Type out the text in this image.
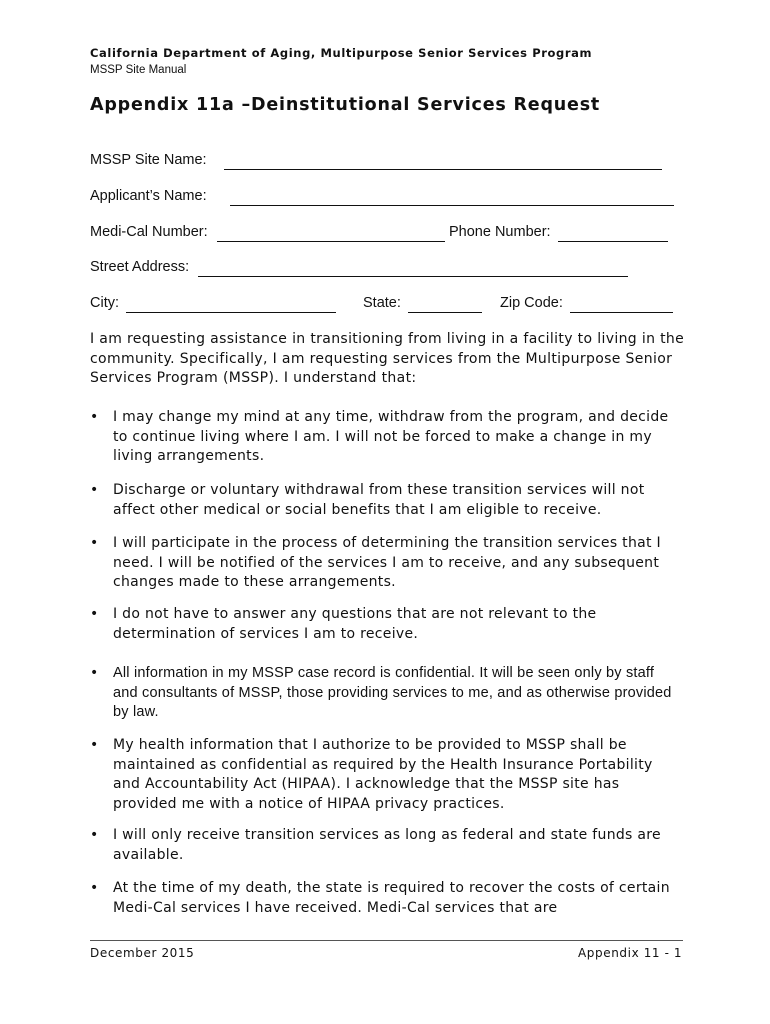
California Department of Aging, Multipurpose Senior Services Program
MSSP Site Manual
Appendix 11a –Deinstitutional Services Request
MSSP Site Name:
Applicant’s Name:
Medi-Cal Number:	Phone Number:
Street Address:
City:	State:	Zip Code:
I am requesting assistance in transitioning from living in a facility to living in the community. Specifically, I am requesting services from the Multipurpose Senior Services Program (MSSP). I understand that:
• I may change my mind at any time, withdraw from the program, and decide to continue living where I am. I will not be forced to make a change in my living arrangements.
• Discharge or voluntary withdrawal from these transition services will not affect other medical or social benefits that I am eligible to receive.
• I will participate in the process of determining the transition services that I need. I will be notified of the services I am to receive, and any subsequent changes made to these arrangements.
• I do not have to answer any questions that are not relevant to the determination of services I am to receive.
• All information in my MSSP case record is confidential. It will be seen only by staff and consultants of MSSP, those providing services to me, and as otherwise provided by law.
• My health information that I authorize to be provided to MSSP shall be maintained as confidential as required by the Health Insurance Portability and Accountability Act (HIPAA). I acknowledge that the MSSP site has provided me with a notice of HIPAA privacy practices.
• I will only receive transition services as long as federal and state funds are available.
• At the time of my death, the state is required to recover the costs of certain Medi-Cal services I have received. Medi-Cal services that are
December 2015	Appendix 11 - 1
